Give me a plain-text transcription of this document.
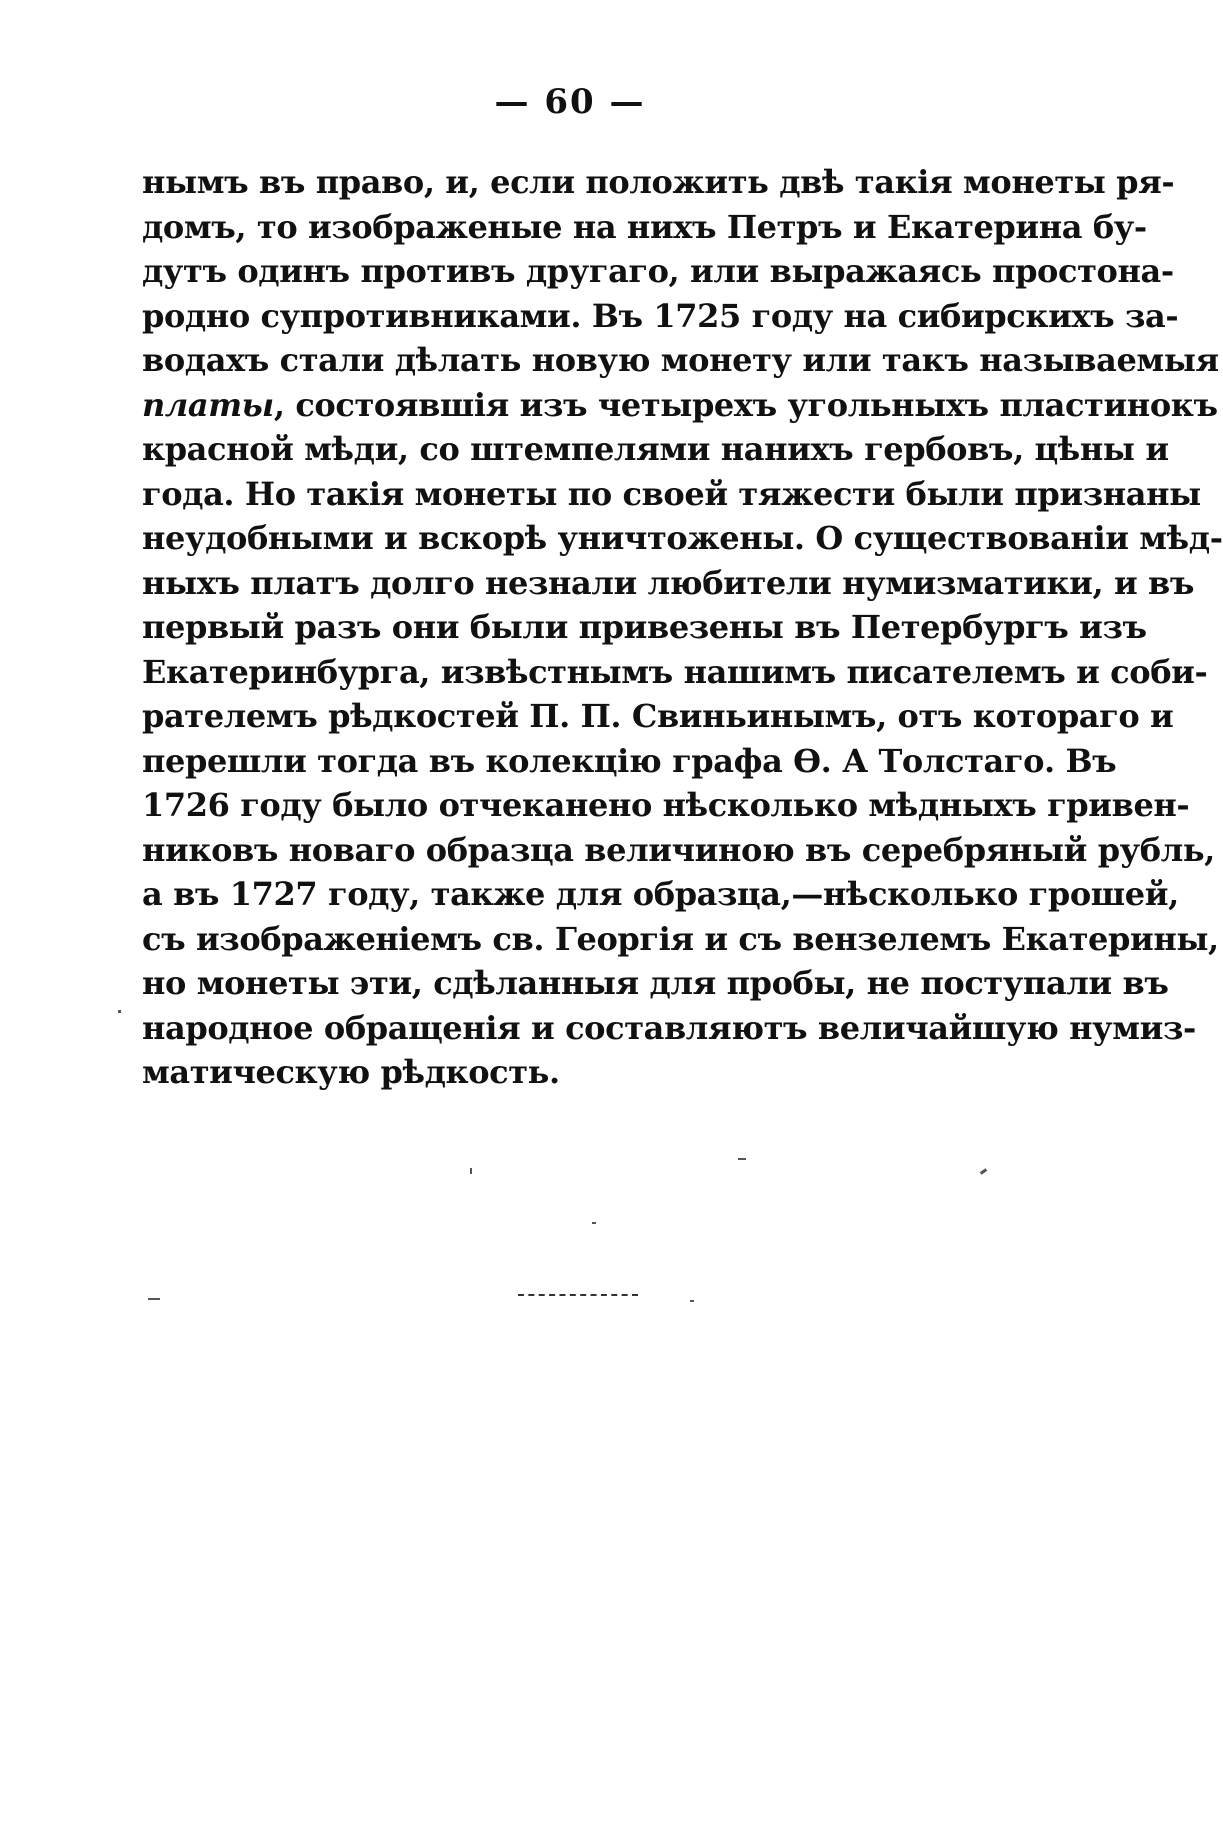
— 60 —
нымъ въ право, и, если положить двѣ такія монеты ря-
домъ, то изображеные на нихъ Петръ и Екатерина бу-
дутъ одинъ противъ другаго, или выражаясь простона-
родно супротивниками. Въ 1725 году на сибирскихъ за-
водахъ стали дѣлать новую монету или такъ называемыя
платы, состоявшія изъ четырехъ угольныхъ пластинокъ
красной мѣди, со штемпелями нанихъ гербовъ, цѣны и
года. Но такія монеты по своей тяжести были признаны
неудобными и вскорѣ уничтожены. О существованіи мѣд-
ныхъ платъ долго незнали любители нумизматики, и въ
первый разъ они были привезены въ Петербургъ изъ
Екатеринбурга, извѣстнымъ нашимъ писателемъ и соби-
рателемъ рѣдкостей П. П. Свиньинымъ, отъ котораго и
перешли тогда въ колекцію графа Ѳ. А Толстаго. Въ
1726 году было отчеканено нѣсколько мѣдныхъ гривен-
никовъ новаго образца величиною въ серебряный рубль,
а въ 1727 году, также для образца,—нѣсколько грошей,
съ изображеніемъ св. Георгія и съ вензелемъ Екатерины,
но монеты эти, сдѣланныя для пробы, не поступали въ
народное обращенія и составляютъ величайшую нумиз-
матическую рѣдкость.
